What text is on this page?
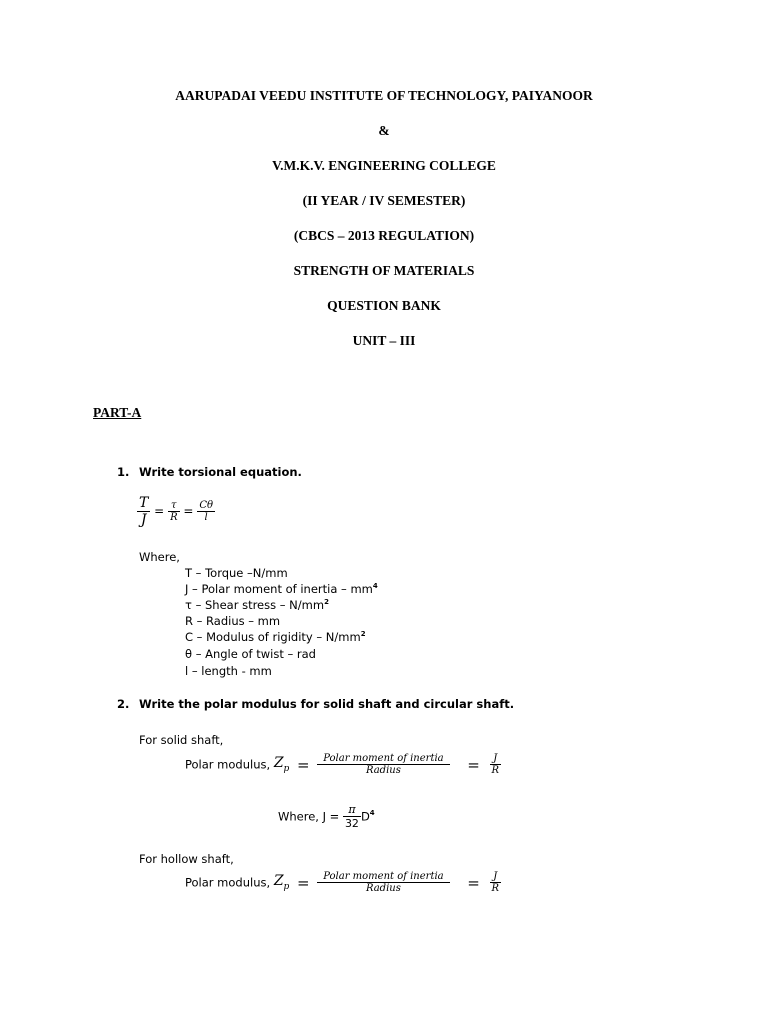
AARUPADAI VEEDU INSTITUTE OF TECHNOLOGY, PAIYANOOR
&
V.M.K.V. ENGINEERING COLLEGE
(II YEAR / IV SEMESTER)
(CBCS – 2013 REGULATION)
STRENGTH OF MATERIALS
QUESTION BANK
UNIT – III
PART-A
1. Write torsional equation.
$\frac{T}{J} = \frac{\tau}{R} = \frac{C\theta}{l}$
Where,
T – Torque –N/mm
J – Polar moment of inertia – $mm^4$
τ – Shear stress – $N/mm^2$
R – Radius – mm
C – Modulus of rigidity – $N/mm^2$
θ – Angle of twist – rad
l – length - mm
2. Write the polar modulus for solid shaft and circular shaft.
For solid shaft,
Polar modulus, $Z_p = \frac{\text{Polar moment of inertia}}{\text{Radius}} = \frac{J}{R}$
Where, $J = \frac{\pi}{32} D^4$
For hollow shaft,
Polar modulus, $Z_p = \frac{\text{Polar moment of inertia}}{\text{Radius}} = \frac{J}{R}$
